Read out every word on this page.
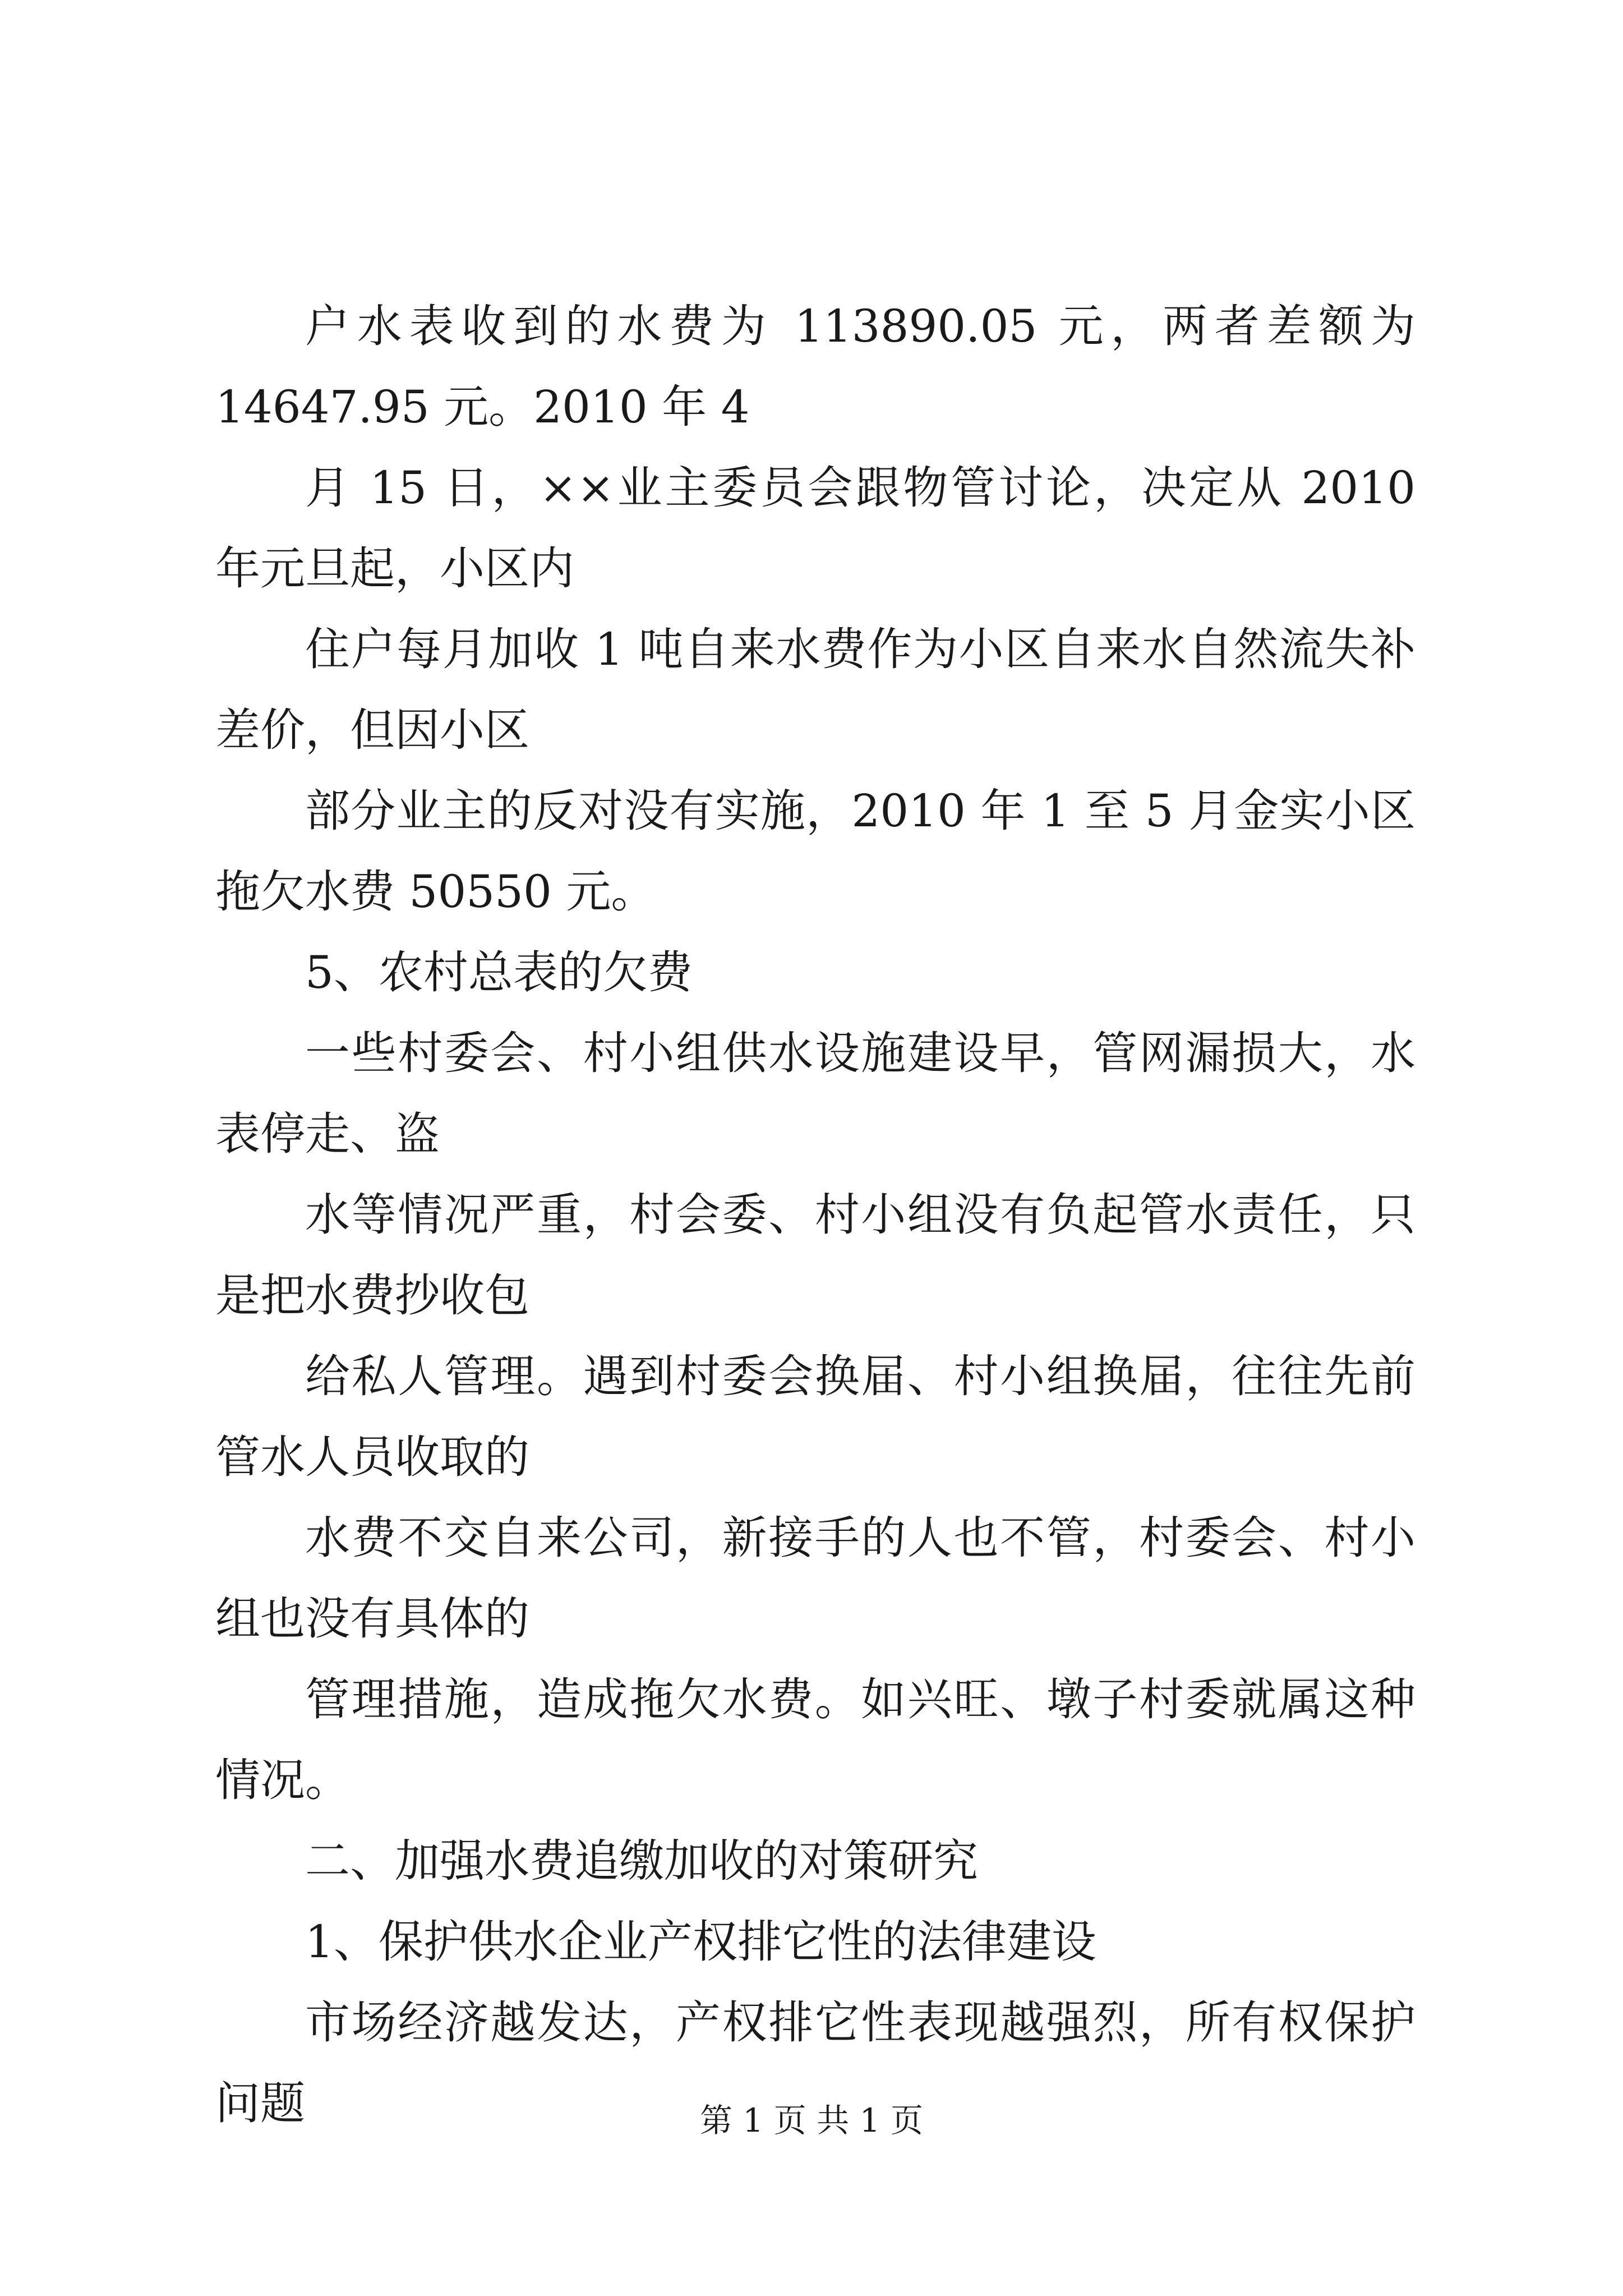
户水表收到的水费为 113890.05 元，两者差额为 14647.95 元。2010 年 4

月 15 日，××业主委员会跟物管讨论，决定从 2010 年元旦起，小区内

住户每月加收 1 吨自来水费作为小区自来水自然流失补差价，但因小区

部分业主的反对没有实施，2010 年 1 至 5 月金实小区拖欠水费 50550 元。

5、农村总表的欠费

一些村委会、村小组供水设施建设早，管网漏损大，水表停走、盗

水等情况严重，村会委、村小组没有负起管水责任，只是把水费抄收包

给私人管理。遇到村委会换届、村小组换届，往往先前管水人员收取的

水费不交自来公司，新接手的人也不管，村委会、村小组也没有具体的

管理措施，造成拖欠水费。如兴旺、墩子村委就属这种情况。

二、加强水费追缴加收的对策研究

1、保护供水企业产权排它性的法律建设

市场经济越发达，产权排它性表现越强烈，所有权保护问题	第 1 页 共 1 页
